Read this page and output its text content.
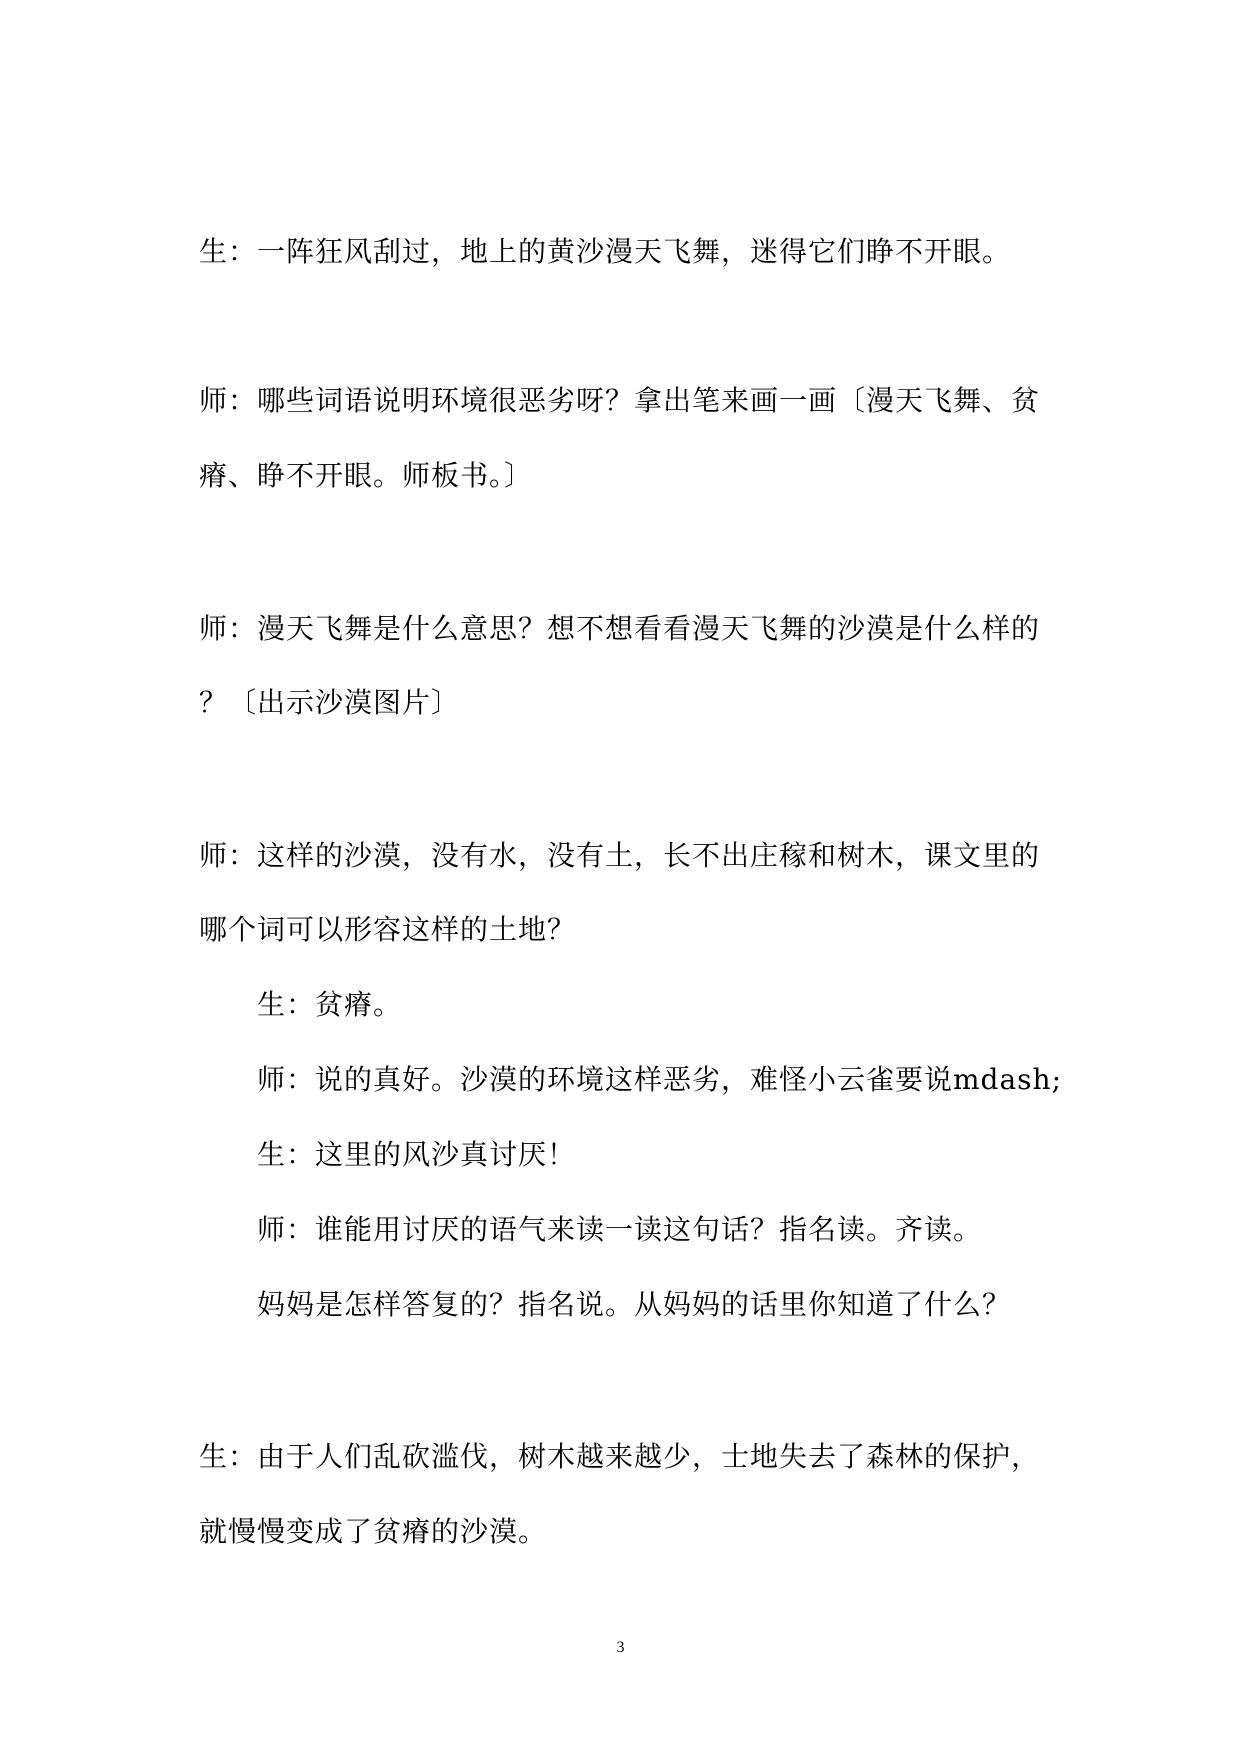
生：一阵狂风刮过，地上的黄沙漫天飞舞，迷得它们睁不开眼。

师：哪些词语说明环境很恶劣呀？拿出笔来画一画〔漫天飞舞、贫

瘠、睁不开眼。师板书。〕

师：漫天飞舞是什么意思？想不想看看漫天飞舞的沙漠是什么样的

？〔出示沙漠图片〕

师：这样的沙漠，没有水，没有土，长不出庄稼和树木，课文里的

哪个词可以形容这样的土地？

生：贫瘠。

师：说的真好。沙漠的环境这样恶劣，难怪小云雀要说mdash;

生：这里的风沙真讨厌！

师：谁能用讨厌的语气来读一读这句话？指名读。齐读。

妈妈是怎样答复的？指名说。从妈妈的话里你知道了什么？

生：由于人们乱砍滥伐，树木越来越少，士地失去了森林的保护，

就慢慢变成了贫瘠的沙漠。

3
